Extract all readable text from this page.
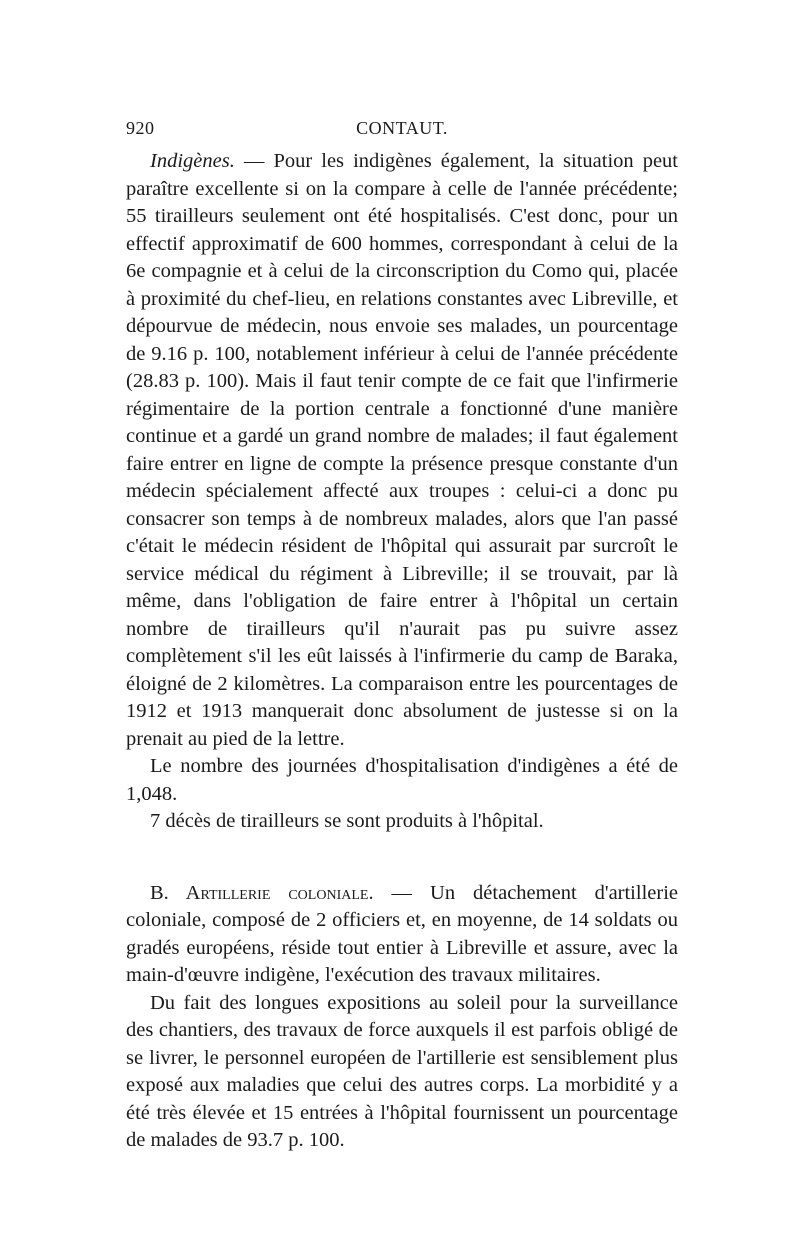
920	CONTAUT.

Indigènes. — Pour les indigènes également, la situation peut paraître excellente si on la compare à celle de l'année précédente; 55 tirailleurs seulement ont été hospitalisés. C'est donc, pour un effectif approximatif de 600 hommes, correspondant à celui de la 6e compagnie et à celui de la circonscription du Como qui, placée à proximité du chef-lieu, en relations constantes avec Libreville, et dépourvue de médecin, nous envoie ses malades, un pourcentage de 9.16 p. 100, notablement inférieur à celui de l'année précédente (28.83 p. 100). Mais il faut tenir compte de ce fait que l'infirmerie régimentaire de la portion centrale a fonctionné d'une manière continue et a gardé un grand nombre de malades; il faut également faire entrer en ligne de compte la présence presque constante d'un médecin spécialement affecté aux troupes : celui-ci a donc pu consacrer son temps à de nombreux malades, alors que l'an passé c'était le médecin résident de l'hôpital qui assurait par surcroît le service médical du régiment à Libreville; il se trouvait, par là même, dans l'obligation de faire entrer à l'hôpital un certain nombre de tirailleurs qu'il n'aurait pas pu suivre assez complètement s'il les eût laissés à l'infirmerie du camp de Baraka, éloigné de 2 kilomètres. La comparaison entre les pourcentages de 1912 et 1913 manquerait donc absolument de justesse si on la prenait au pied de la lettre.

Le nombre des journées d'hospitalisation d'indigènes a été de 1,048.

7 décès de tirailleurs se sont produits à l'hôpital.

B. Artillerie coloniale. — Un détachement d'artillerie coloniale, composé de 2 officiers et, en moyenne, de 14 soldats ou gradés européens, réside tout entier à Libreville et assure, avec la main-d'œuvre indigène, l'exécution des travaux militaires.

Du fait des longues expositions au soleil pour la surveillance des chantiers, des travaux de force auxquels il est parfois obligé de se livrer, le personnel européen de l'artillerie est sensiblement plus exposé aux maladies que celui des autres corps. La morbidité y a été très élevée et 15 entrées à l'hôpital fournissent un pourcentage de malades de 93.7 p. 100.
